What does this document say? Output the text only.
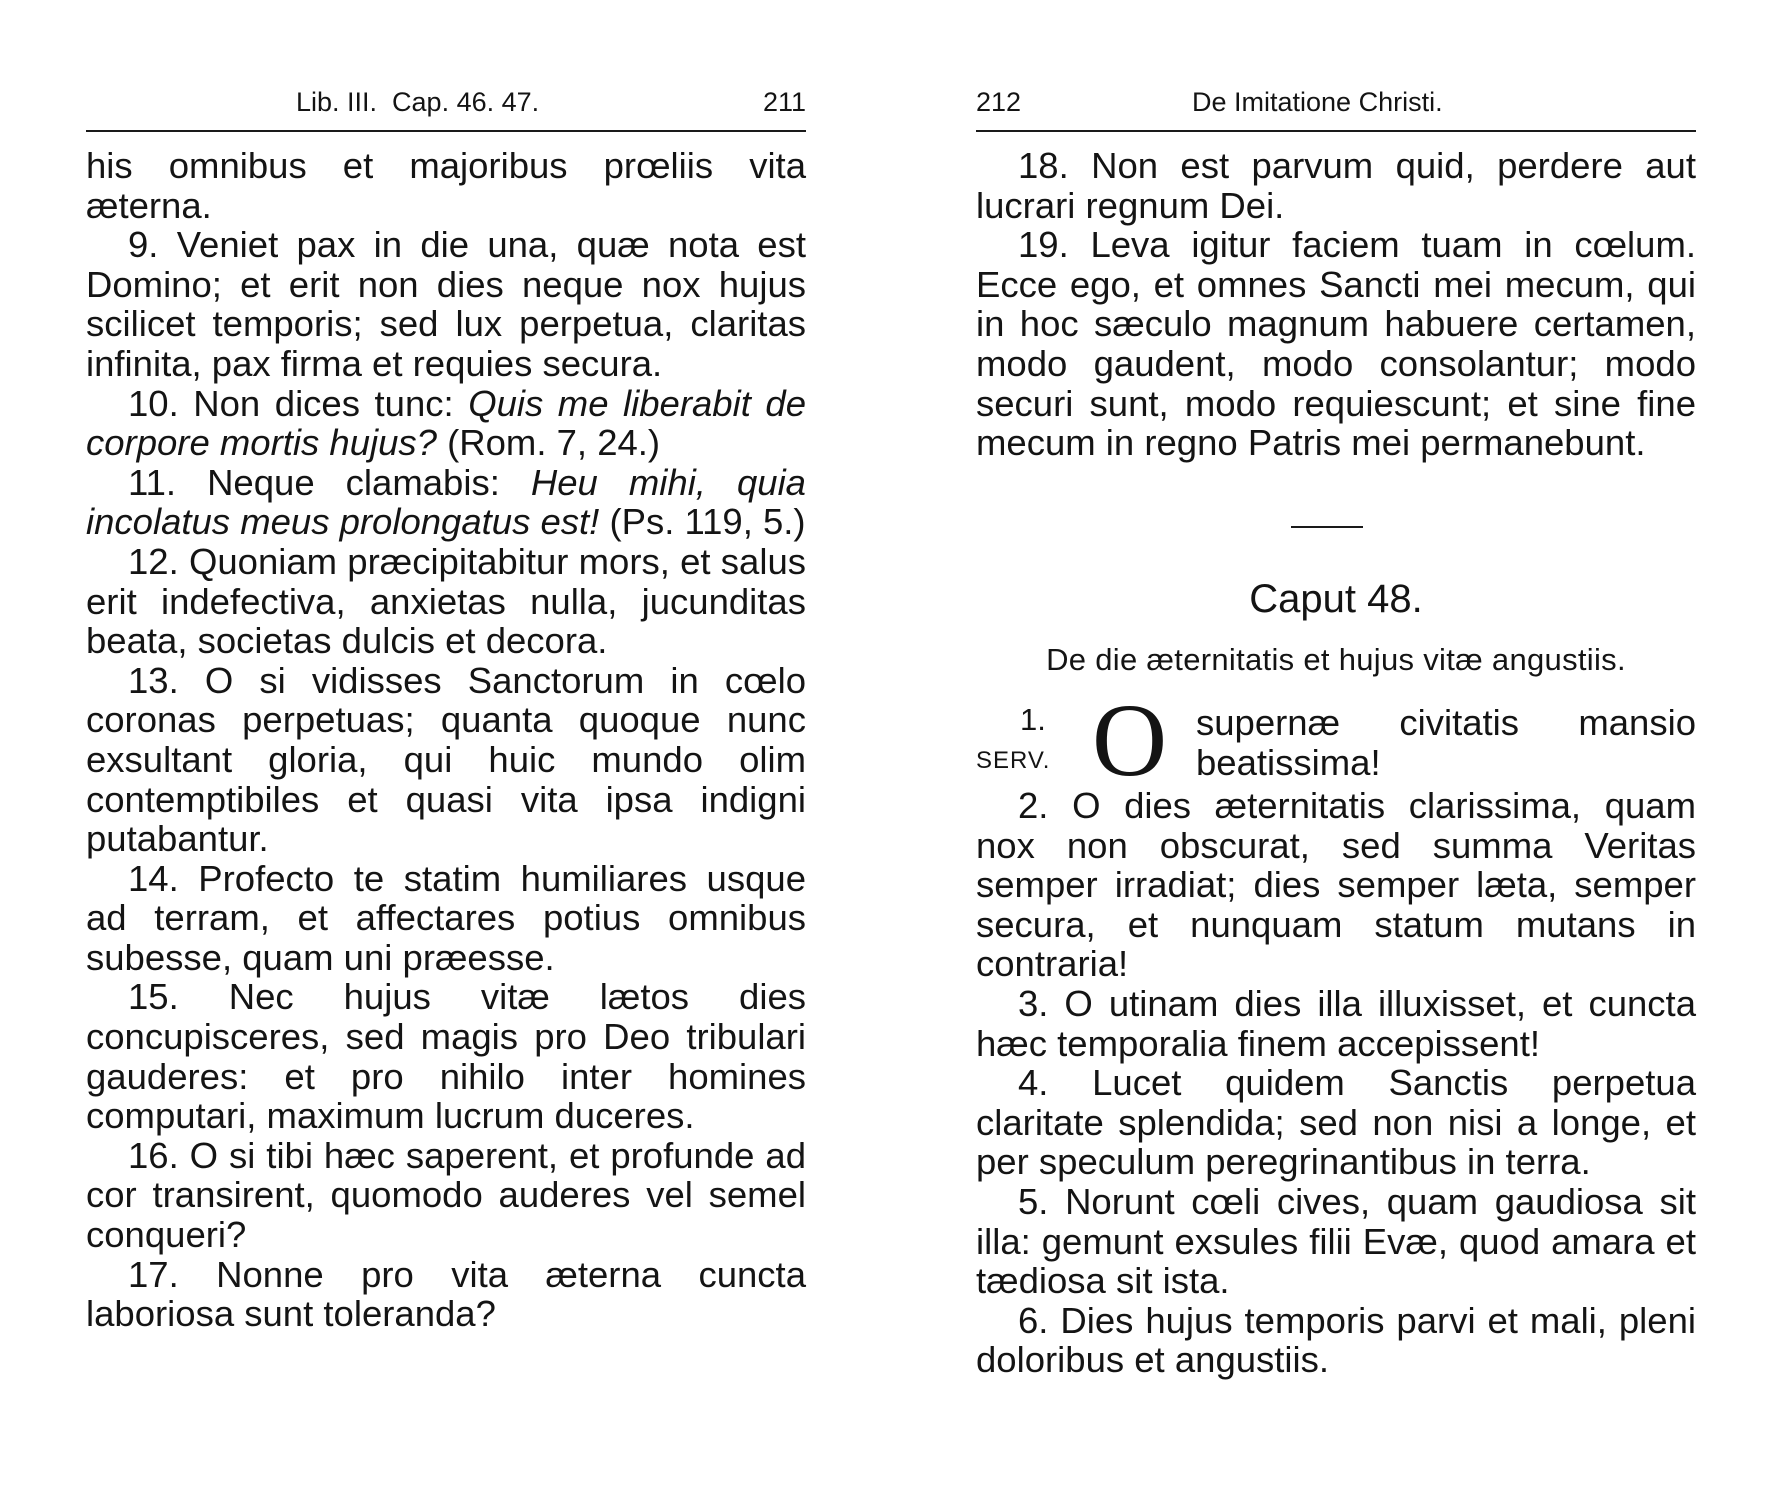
Lib. III.  Cap. 46. 47.	211

his omnibus et majoribus prœliis vita æterna.

9. Veniet pax in die una, quæ nota est Domino; et erit non dies neque nox hujus scilicet temporis; sed lux perpetua, claritas infinita, pax firma et requies secura.

10. Non dices tunc: Quis me liberabit de corpore mortis hujus? (Rom. 7, 24.)

11. Neque clamabis: Heu mihi, quia incolatus meus prolongatus est! (Ps. 119, 5.)

12. Quoniam præcipitabitur mors, et salus erit indefectiva, anxietas nulla, jucunditas beata, societas dulcis et decora.

13. O si vidisses Sanctorum in cœlo coronas perpetuas; quanta quoque nunc exsultant gloria, qui huic mundo olim contemptibiles et quasi vita ipsa indigni putabantur.

14. Profecto te statim humiliares usque ad terram, et affectares potius omnibus subesse, quam uni præesse.

15. Nec hujus vitæ lætos dies concupisceres, sed magis pro Deo tribulari gauderes: et pro nihilo inter homines computari, maximum lucrum duceres.

16. O si tibi hæc saperent, et profunde ad cor transirent, quomodo auderes vel semel conqueri?

17. Nonne pro vita æterna cuncta laboriosa sunt toleranda?

212	De Imitatione Christi.

18. Non est parvum quid, perdere aut lucrari regnum Dei.

19. Leva igitur faciem tuam in cœlum. Ecce ego, et omnes Sancti mei mecum, qui in hoc sæculo magnum habuere certamen, modo gaudent, modo consolantur; modo securi sunt, modo requiescunt; et sine fine mecum in regno Patris mei permanebunt.

Caput 48.
De die æternitatis et hujus vitæ angustiis.
1.
SERV. O supernæ civitatis mansio beatissima!

2. O dies æternitatis clarissima, quam nox non obscurat, sed summa Veritas semper irradiat; dies semper læta, semper secura, et nunquam statum mutans in contraria!

3. O utinam dies illa illuxisset, et cuncta hæc temporalia finem accepissent!

4. Lucet quidem Sanctis perpetua claritate splendida; sed non nisi a longe, et per speculum peregrinantibus in terra.

5. Norunt cœli cives, quam gaudiosa sit illa: gemunt exsules filii Evæ, quod amara et tædiosa sit ista.

6. Dies hujus temporis parvi et mali, pleni doloribus et angustiis.
